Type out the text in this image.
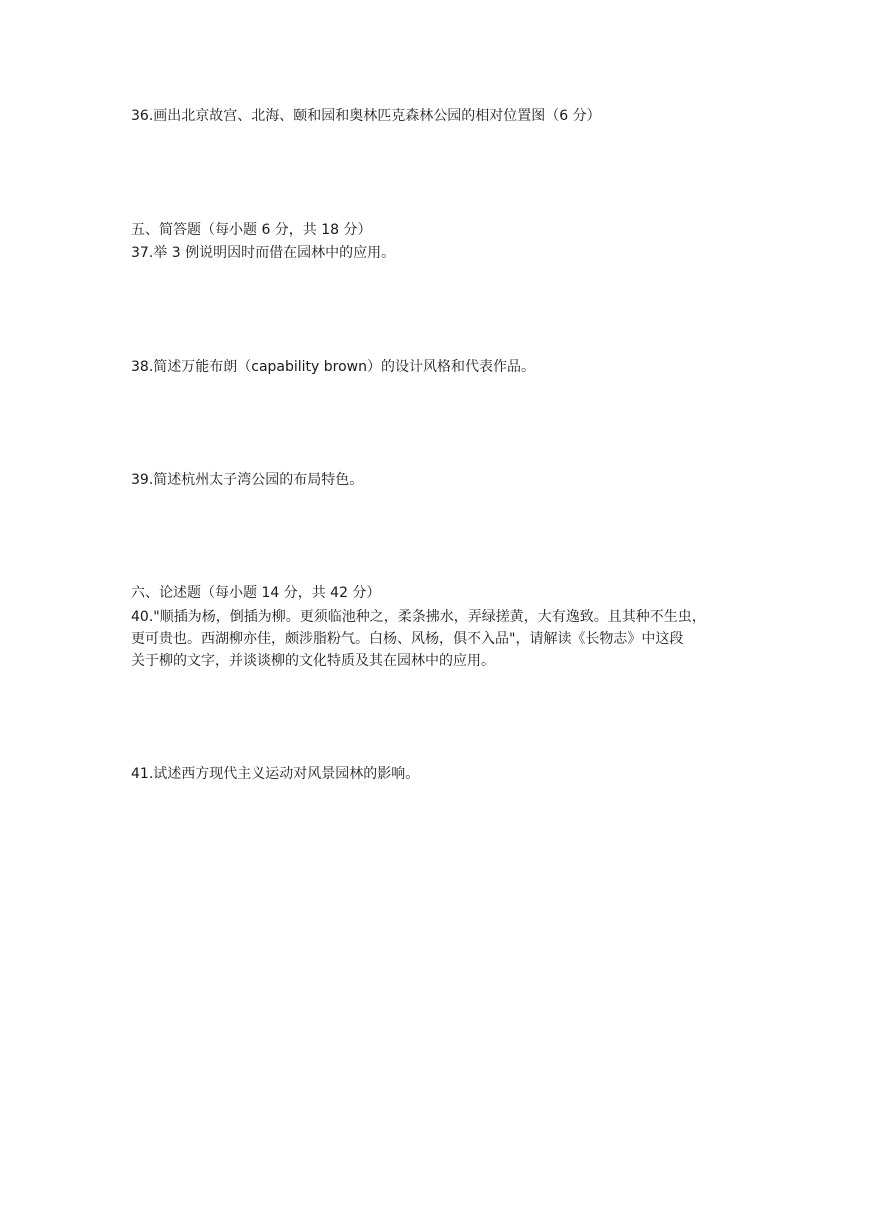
36.画出北京故宫、北海、颐和园和奥林匹克森林公园的相对位置图（6 分）
五、简答题（每小题 6 分，共 18 分）
37.举 3 例说明因时而借在园林中的应用。
38.简述万能布朗（capability brown）的设计风格和代表作品。
39.简述杭州太子湾公园的布局特色。
六、论述题（每小题 14 分，共 42 分）
40."顺插为杨，倒插为柳。更须临池种之，柔条拂水，弄绿搓黄，大有逸致。且其种不生虫，
更可贵也。西湖柳亦佳，颇涉脂粉气。白杨、风杨，俱不入品"，请解读《长物志》中这段
关于柳的文字，并谈谈柳的文化特质及其在园林中的应用。
41.试述西方现代主义运动对风景园林的影响。
